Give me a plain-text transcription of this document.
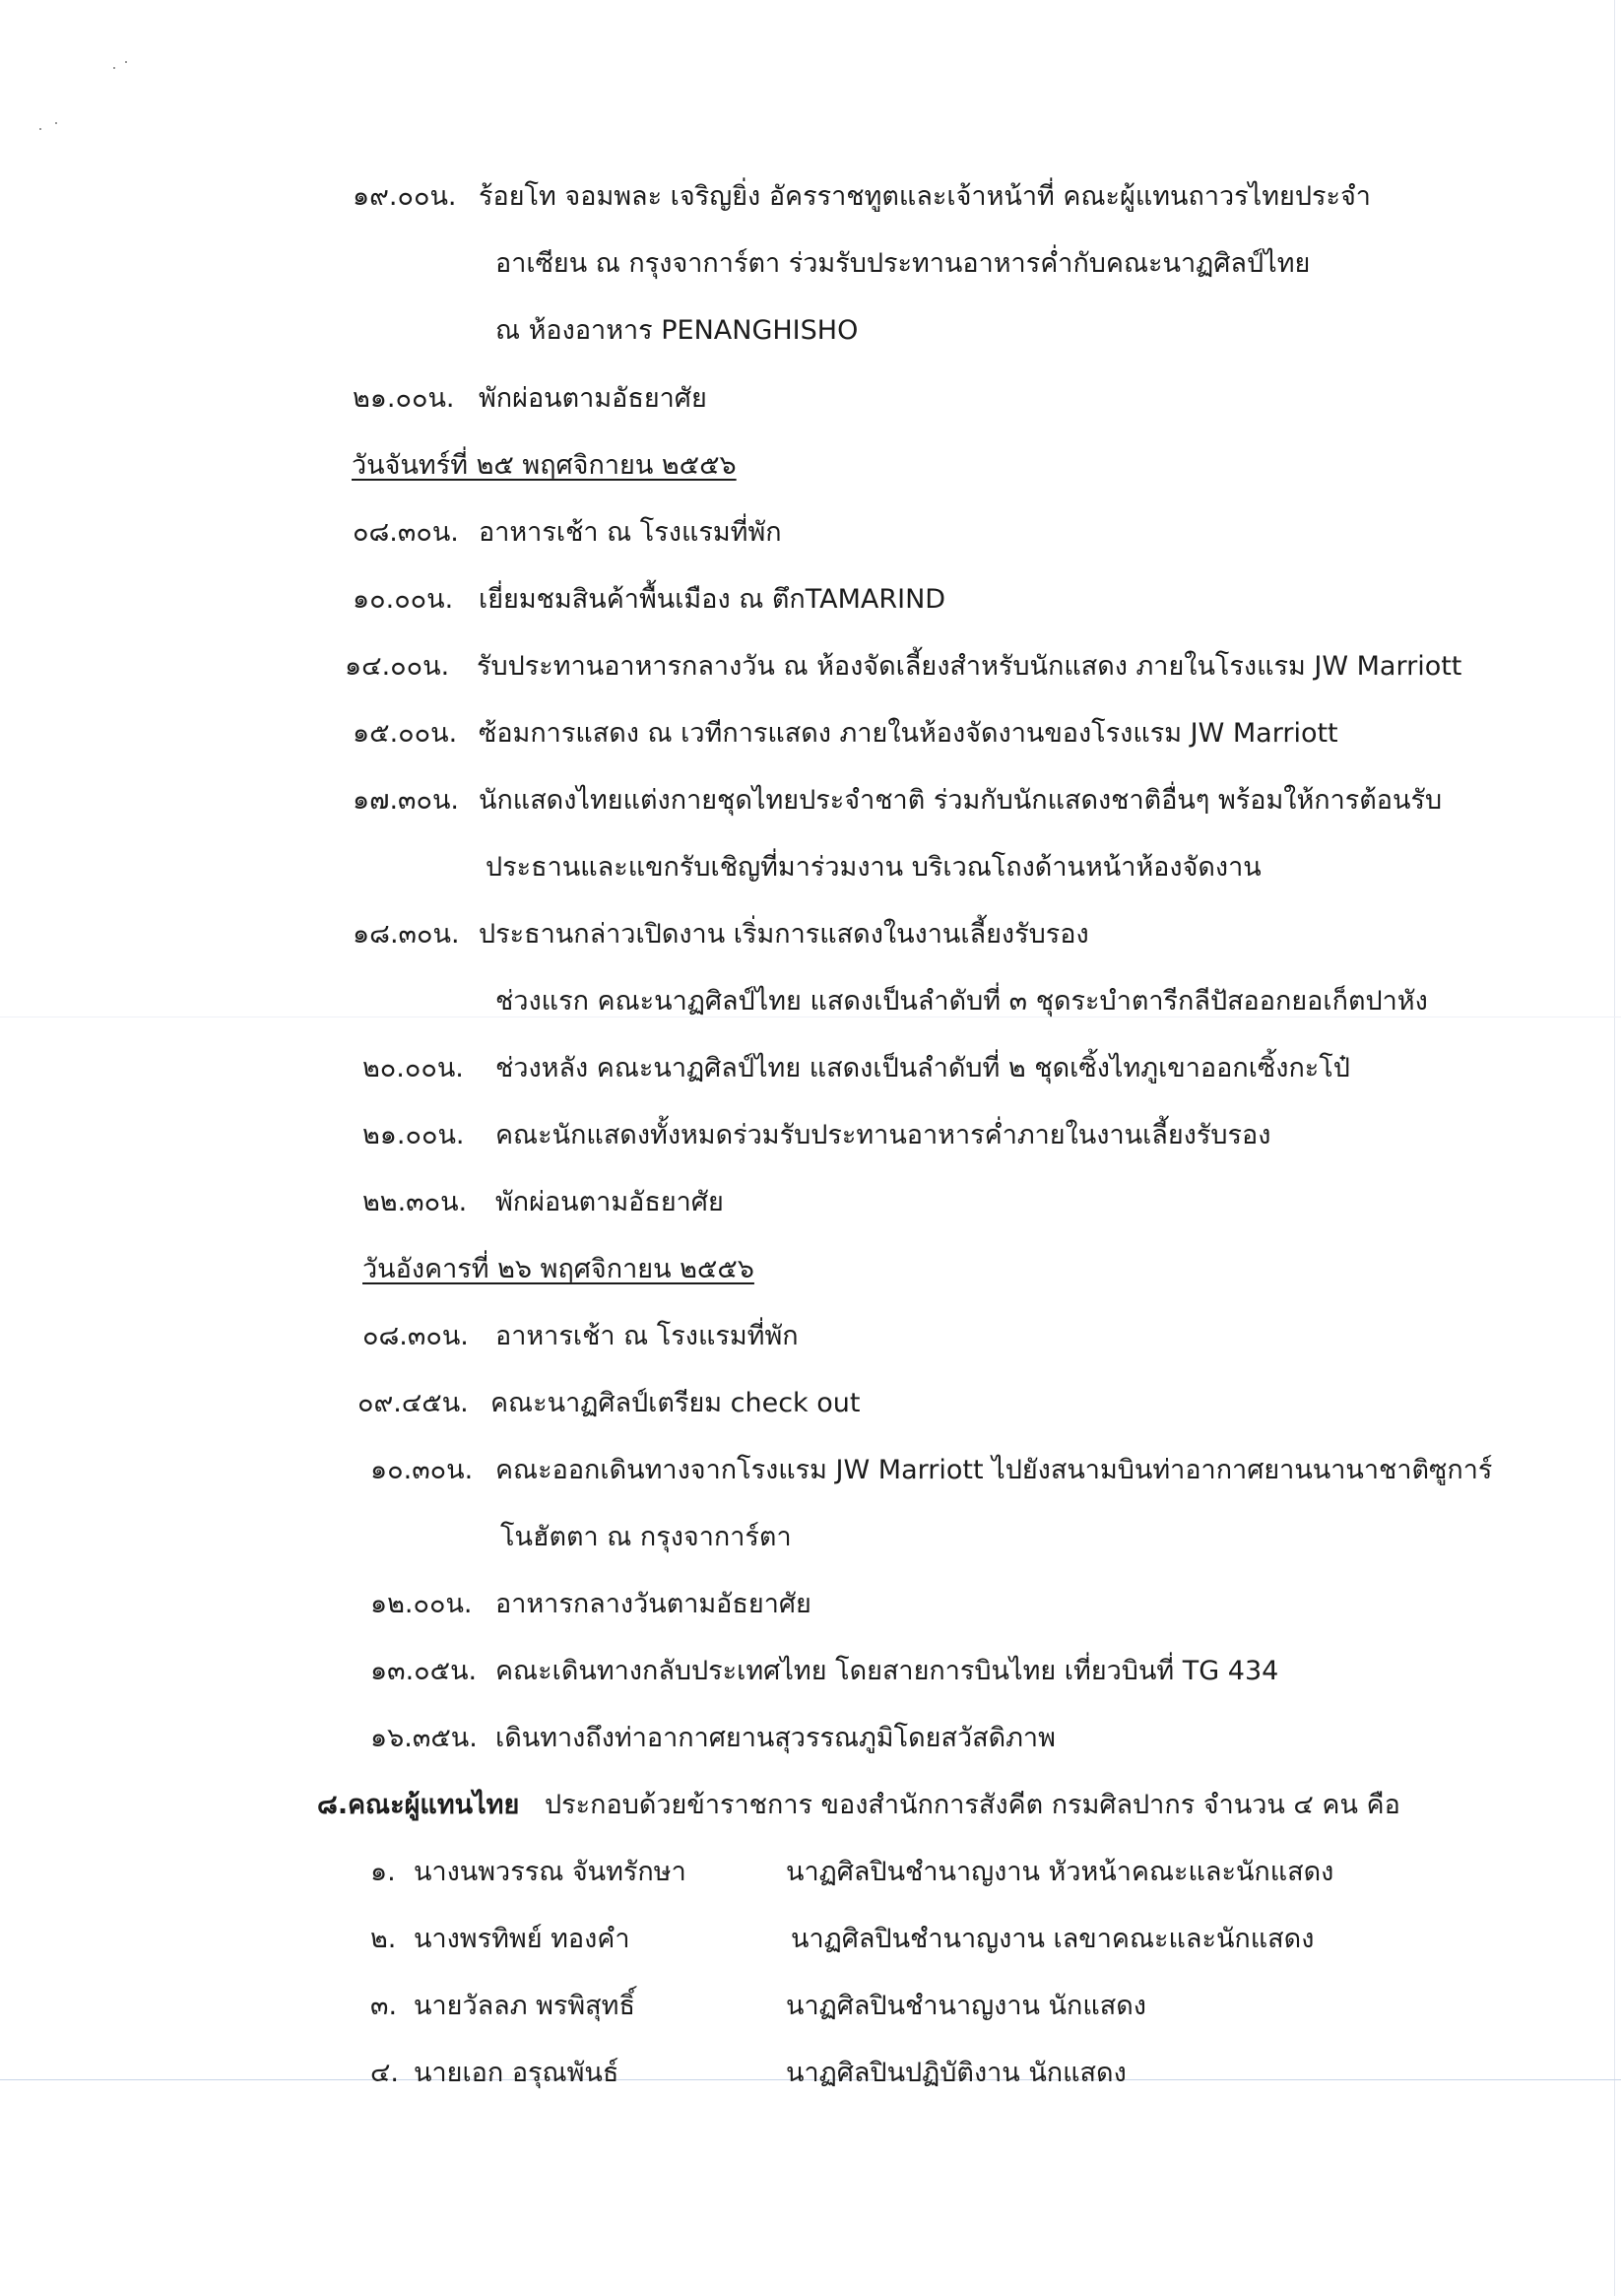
๑๙.๐๐น. ร้อยโท จอมพละ เจริญยิ่ง อัครราชทูตและเจ้าหน้าที่ คณะผู้แทนถาวรไทยประจำ
อาเซียน ณ กรุงจาการ์ตา ร่วมรับประทานอาหารค่ำกับคณะนาฏศิลป์ไทย
ณ ห้องอาหาร PENANGHISHO
๒๑.๐๐น. พักผ่อนตามอัธยาศัย
วันจันทร์ที่ ๒๕ พฤศจิกายน ๒๕๕๖
๐๘.๓๐น. อาหารเช้า ณ โรงแรมที่พัก
๑๐.๐๐น. เยี่ยมชมสินค้าพื้นเมือง ณ ตึกTAMARIND
๑๔.๐๐น. รับประทานอาหารกลางวัน ณ ห้องจัดเลี้ยงสำหรับนักแสดง ภายในโรงแรม JW Marriott
๑๕.๐๐น. ซ้อมการแสดง ณ เวทีการแสดง ภายในห้องจัดงานของโรงแรม JW Marriott
๑๗.๓๐น. นักแสดงไทยแต่งกายชุดไทยประจำชาติ ร่วมกับนักแสดงชาติอื่นๆ พร้อมให้การต้อนรับ
ประธานและแขกรับเชิญที่มาร่วมงาน บริเวณโถงด้านหน้าห้องจัดงาน
๑๘.๓๐น. ประธานกล่าวเปิดงาน เริ่มการแสดงในงานเลี้ยงรับรอง
ช่วงแรก คณะนาฏศิลป์ไทย แสดงเป็นลำดับที่ ๓ ชุดระบำตารีกลีปัสออกยอเก็ตปาหัง
๒๐.๐๐น. ช่วงหลัง คณะนาฏศิลป์ไทย แสดงเป็นลำดับที่ ๒ ชุดเซิ้งไทภูเขาออกเซิ้งกะโป๋
๒๑.๐๐น. คณะนักแสดงทั้งหมดร่วมรับประทานอาหารค่ำภายในงานเลี้ยงรับรอง
๒๒.๓๐น. พักผ่อนตามอัธยาศัย
วันอังคารที่ ๒๖ พฤศจิกายน ๒๕๕๖
๐๘.๓๐น. อาหารเช้า ณ โรงแรมที่พัก
๐๙.๔๕น. คณะนาฏศิลป์เตรียม check out
๑๐.๓๐น. คณะออกเดินทางจากโรงแรม JW Marriott ไปยังสนามบินท่าอากาศยานนานาชาติซูการ์
โนฮัตตา ณ กรุงจาการ์ตา
๑๒.๐๐น. อาหารกลางวันตามอัธยาศัย
๑๓.๐๕น. คณะเดินทางกลับประเทศไทย โดยสายการบินไทย เที่ยวบินที่ TG 434
๑๖.๓๕น. เดินทางถึงท่าอากาศยานสุวรรณภูมิโดยสวัสดิภาพ
๘. คณะผู้แทนไทย ประกอบด้วยข้าราชการ ของสำนักการสังคีต กรมศิลปากร จำนวน ๔ คน คือ
๑. นางนพวรรณ จันทรักษา	นาฏศิลปินชำนาญงาน หัวหน้าคณะและนักแสดง
๒. นางพรทิพย์ ทองคำ	นาฏศิลปินชำนาญงาน เลขาคณะและนักแสดง
๓. นายวัลลภ พรพิสุทธิ์	นาฏศิลปินชำนาญงาน นักแสดง
๔. นายเอก อรุณพันธ์	นาฏศิลปินปฏิบัติงาน นักแสดง
